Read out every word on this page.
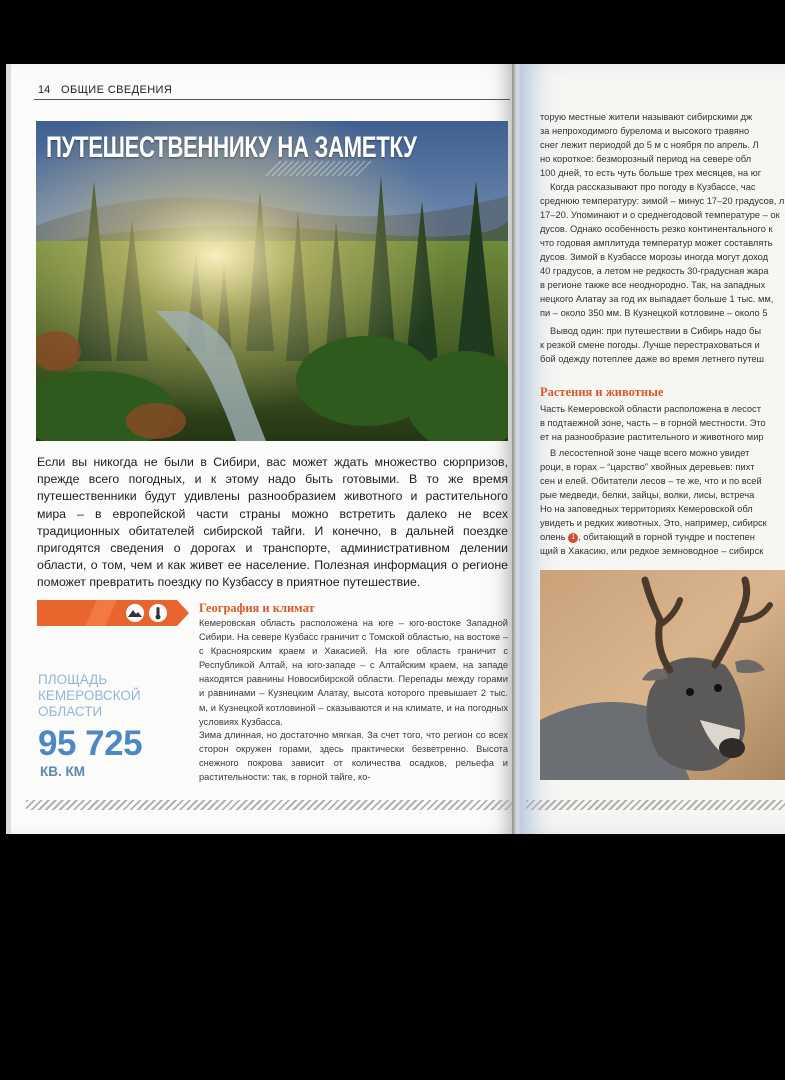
14 ОБЩИЕ СВЕДЕНИЯ
ПУТЕШЕСТВЕННИКУ НА ЗАМЕТКУ

Если вы никогда не были в Сибири, вас может ждать множество сюрпризов, прежде всего погодных, и к этому надо быть готовыми. В то же время путешественники будут удивлены разнообразием животного и растительного мира – в европейской части страны можно встретить далеко не всех традиционных обитателей сибирской тайги. И конечно, в дальней поездке пригодятся сведения о дорогах и транспорте, административном делении области, о том, чем и как живет ее население. Полезная информация о регионе поможет превратить поездку по Кузбассу в приятное путешествие.

География и климат

Кемеровская область расположена на юге – юго-востоке Западной Сибири. На севере Кузбасс граничит с Томской областью, на востоке – с Красноярским краем и Хакасией. На юге область граничит с Республикой Алтай, на юго-западе – с Алтайским краем, на западе находятся равнины Новосибирской области. Перепады между горами и равнинами – Кузнецким Алатау, высота которого превышает 2 тыс. м, и Кузнецкой котловиной – сказываются и на климате, и на погодных условиях Кузбасса.

Зима длинная, но достаточно мягкая. За счет того, что регион со всех сторон окружен горами, здесь практически безветренно. Высота снежного покрова зависит от количества осадков, рельефа и растительности: так, в горной тайге, ко-

ПЛОЩАДЬ КЕМЕРОВСКОЙ ОБЛАСТИ

95 725

КВ. КМ

торую местные жители называют сибирскими дж

за непроходимого бурелома и высокого травяно

снег лежит периодой до 5 м с ноября по апрель. Л

но короткое: безморозный период на севере обл

100 дней, то есть чуть больше трех месяцев, на юг

Когда рассказывают про погоду в Кузбассе, час

среднюю температуру: зимой – минус 17–20 градусов, л

17–20. Упоминают и о среднегодовой температуре – ок

дусов. Однако особенность резко континентального к

что годовая амплитуда температур может составлять

дусов. Зимой в Кузбассе морозы иногда могут доход

40 градусов, а летом не редкость 30-градусная жара

в регионе также все неоднородно. Так, на западных

нецкого Алатау за год их выпадает больше 1 тыс. мм,

пи – около 350 мм. В Кузнецкой котловине – около 5

Вывод один: при путешествии в Сибирь надо бы

к резкой смене погоды. Лучше перестраховаться и

бой одежду потеплее даже во время летнего путеш

Растения и животные

Часть Кемеровской области расположена в лесост

в подтаежной зоне, часть – в горной местности. Это

ет на разнообразие растительного и животного мир

В лесостепной зоне чаще всего можно увидет

роци, в горах – “царство” хвойных деревьев: пихт

сен и елей. Обитатели лесов – те же, что и по всей

рые медведи, белки, зайцы, волки, лисы, встреча

Но на заповедных территориях Кемеровской обл

увидеть и редких животных. Это, например, сибирск

олень 1 , обитающий в горной тундре и постепен

щий в Хакасию, или редкое земноводное – сибирск
